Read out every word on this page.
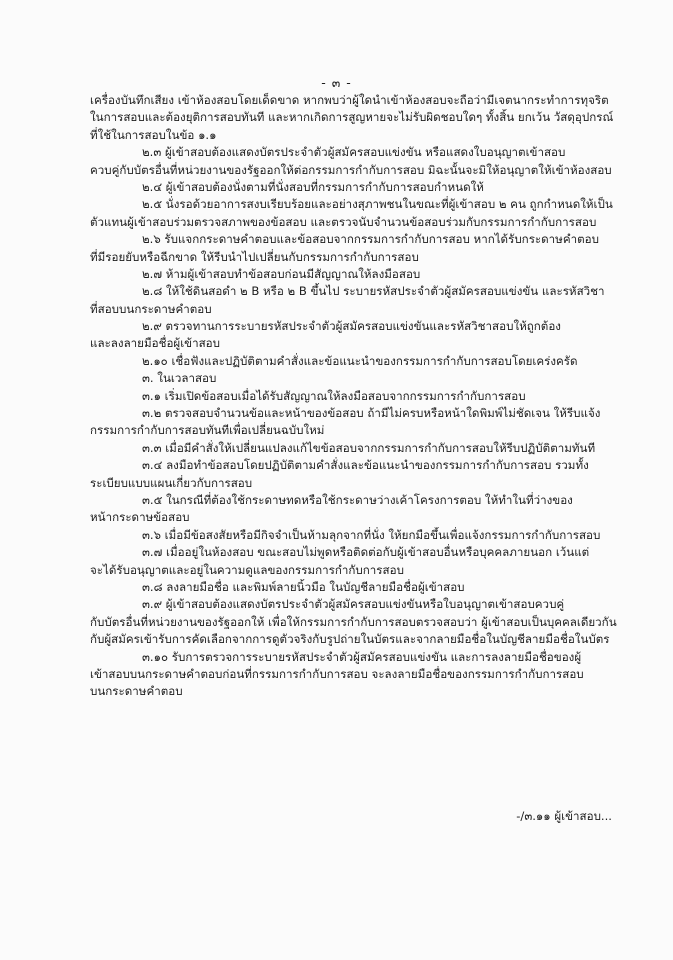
- ๓ -
เครื่องบันทึกเสียง เข้าห้องสอบโดยเด็ดขาด หากพบว่าผู้ใดนำเข้าห้องสอบจะถือว่ามีเจตนากระทำการทุจริต
ในการสอบและต้องยุติการสอบทันที และหากเกิดการสูญหายจะไม่รับผิดชอบใดๆ ทั้งสิ้น ยกเว้น วัสดุอุปกรณ์
ที่ใช้ในการสอบในข้อ ๑.๑
๒.๓ ผู้เข้าสอบต้องแสดงบัตรประจำตัวผู้สมัครสอบแข่งขัน หรือแสดงใบอนุญาตเข้าสอบ
ควบคู่กับบัตรอื่นที่หน่วยงานของรัฐออกให้ต่อกรรมการกำกับการสอบ มิฉะนั้นจะมิให้อนุญาตให้เข้าห้องสอบ
๒.๔ ผู้เข้าสอบต้องนั่งตามที่นั่งสอบที่กรรมการกำกับการสอบกำหนดให้
๒.๕ นั่งรอด้วยอาการสงบเรียบร้อยและอย่างสุภาพชนในขณะที่ผู้เข้าสอบ ๒ คน ถูกกำหนดให้เป็น
ตัวแทนผู้เข้าสอบร่วมตรวจสภาพของข้อสอบ และตรวจนับจำนวนข้อสอบร่วมกับกรรมการกำกับการสอบ
๒.๖ รับแจกกระดาษคำตอบและข้อสอบจากกรรมการกำกับการสอบ หากได้รับกระดาษคำตอบ
ที่มีรอยยับหรือฉีกขาด ให้รีบนำไปเปลี่ยนกับกรรมการกำกับการสอบ
๒.๗ ห้ามผู้เข้าสอบทำข้อสอบก่อนมีสัญญาณให้ลงมือสอบ
๒.๘ ให้ใช้ดินสอดำ ๒ B หรือ ๒ B ขึ้นไป ระบายรหัสประจำตัวผู้สมัครสอบแข่งขัน และรหัสวิชา
ที่สอบบนกระดาษคำตอบ
๒.๙ ตรวจทานการระบายรหัสประจำตัวผู้สมัครสอบแข่งขันและรหัสวิชาสอบให้ถูกต้อง
และลงลายมือชื่อผู้เข้าสอบ
๒.๑๐ เชื่อฟังและปฏิบัติตามคำสั่งและข้อแนะนำของกรรมการกำกับการสอบโดยเคร่งครัด
๓. ในเวลาสอบ
๓.๑ เริ่มเปิดข้อสอบเมื่อได้รับสัญญาณให้ลงมือสอบจากกรรมการกำกับการสอบ
๓.๒ ตรวจสอบจำนวนข้อและหน้าของข้อสอบ ถ้ามีไม่ครบหรือหน้าใดพิมพ์ไม่ชัดเจน ให้รีบแจ้ง
กรรมการกำกับการสอบทันทีเพื่อเปลี่ยนฉบับใหม่
๓.๓ เมื่อมีคำสั่งให้เปลี่ยนแปลงแก้ไขข้อสอบจากกรรมการกำกับการสอบให้รีบปฏิบัติตามทันที
๓.๔ ลงมือทำข้อสอบโดยปฏิบัติตามคำสั่งและข้อแนะนำของกรรมการกำกับการสอบ รวมทั้ง
ระเบียบแบบแผนเกี่ยวกับการสอบ
๓.๕ ในกรณีที่ต้องใช้กระดาษทดหรือใช้กระดาษว่างเค้าโครงการตอบ ให้ทำในที่ว่างของ
หน้ากระดาษข้อสอบ
๓.๖ เมื่อมีข้อสงสัยหรือมีกิจจำเป็นห้ามลุกจากที่นั่ง ให้ยกมือขึ้นเพื่อแจ้งกรรมการกำกับการสอบ
๓.๗ เมื่ออยู่ในห้องสอบ ขณะสอบไม่พูดหรือติดต่อกับผู้เข้าสอบอื่นหรือบุคคลภายนอก เว้นแต่
จะได้รับอนุญาตและอยู่ในความดูแลของกรรมการกำกับการสอบ
๓.๘ ลงลายมือชื่อ และพิมพ์ลายนิ้วมือ ในบัญชีลายมือชื่อผู้เข้าสอบ
๓.๙ ผู้เข้าสอบต้องแสดงบัตรประจำตัวผู้สมัครสอบแข่งขันหรือใบอนุญาตเข้าสอบควบคู่
กับบัตรอื่นที่หน่วยงานของรัฐออกให้ เพื่อให้กรรมการกำกับการสอบตรวจสอบว่า ผู้เข้าสอบเป็นบุคคลเดียวกัน
กับผู้สมัครเข้ารับการคัดเลือกจากการดูตัวจริงกับรูปถ่ายในบัตรและจากลายมือชื่อในบัญชีลายมือชื่อในบัตร
๓.๑๐ รับการตรวจการระบายรหัสประจำตัวผู้สมัครสอบแข่งขัน และการลงลายมือชื่อของผู้
เข้าสอบบนกระดาษคำตอบก่อนที่กรรมการกำกับการสอบ จะลงลายมือชื่อของกรรมการกำกับการสอบ
บนกระดาษคำตอบ
-/๓.๑๑ ผู้เข้าสอบ...
